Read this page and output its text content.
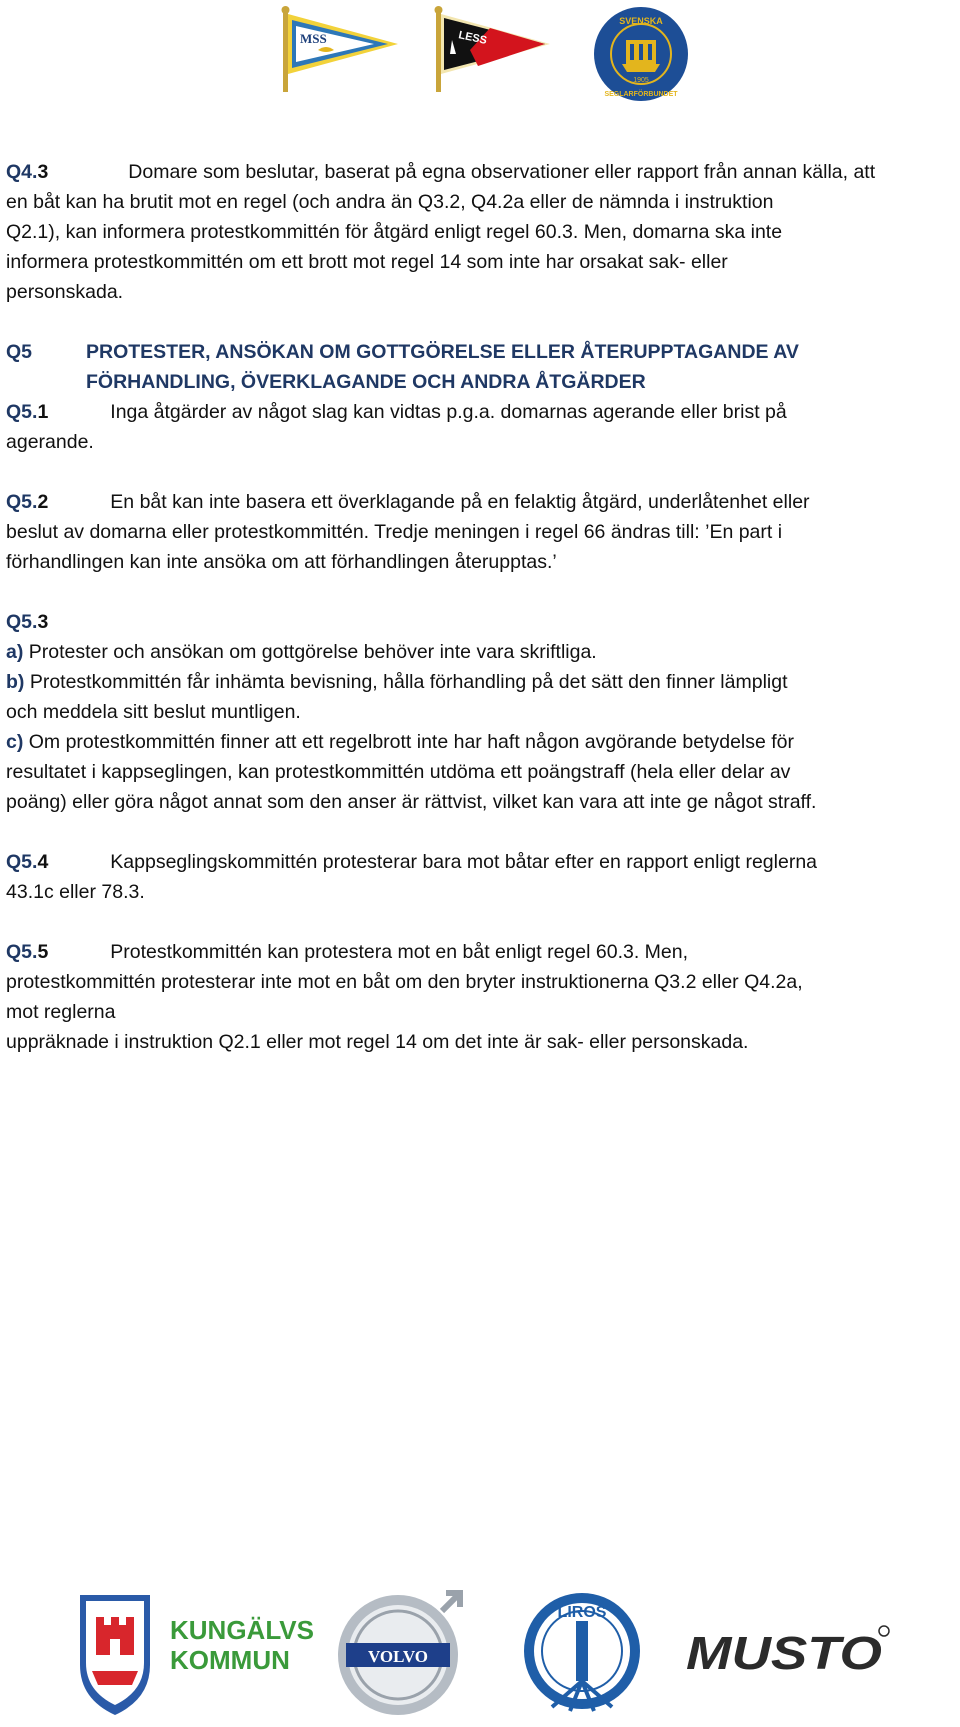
MSS	LESS
SVENSKA
SEGLARFÖRBUNDET
1905

Q4.3	Domare som beslutar, baserat på egna observationer eller rapport från annan källa, att
en båt kan ha brutit mot en regel (och andra än Q3.2, Q4.2a eller de nämnda i instruktion
Q2.1), kan informera protestkommittén för åtgärd enligt regel 60.3. Men, domarna ska inte
informera protestkommittén om ett brott mot regel 14 som inte har orsakat sak- eller
personskada.

Q5	PROTESTER, ANSÖKAN OM GOTTGÖRELSE ELLER ÅTERUPPTAGANDE AV
FÖRHANDLING, ÖVERKLAGANDE OCH ANDRA ÅTGÄRDER

Q5.1	Inga åtgärder av något slag kan vidtas p.g.a. domarnas agerande eller brist på
agerande.

Q5.2	En båt kan inte basera ett överklagande på en felaktig åtgärd, underlåtenhet eller
beslut av domarna eller protestkommittén. Tredje meningen i regel 66 ändras till: ’En part i
förhandlingen kan inte ansöka om att förhandlingen återupptas.’

Q5.3
a) Protester och ansökan om gottgörelse behöver inte vara skriftliga.
b) Protestkommittén får inhämta bevisning, hålla förhandling på det sätt den finner lämpligt
och meddela sitt beslut muntligen.
c) Om protestkommittén finner att ett regelbrott inte har haft någon avgörande betydelse för
resultatet i kappseglingen, kan protestkommittén utdöma ett poängstraff (hela eller delar av
poäng) eller göra något annat som den anser är rättvist, vilket kan vara att inte ge något straff.

Q5.4	Kappseglingskommittén protesterar bara mot båtar efter en rapport enligt reglerna
43.1c eller 78.3.

Q5.5	Protestkommittén kan protestera mot en båt enligt regel 60.3. Men,
protestkommittén protesterar inte mot en båt om den bryter instruktionerna Q3.2 eller Q4.2a,
mot reglerna
uppräknade i instruktion Q2.1 eller mot regel 14 om det inte är sak- eller personskada.

KUNGÄLVS
KOMMUN	VOLVO
LIROS
MUSTO
